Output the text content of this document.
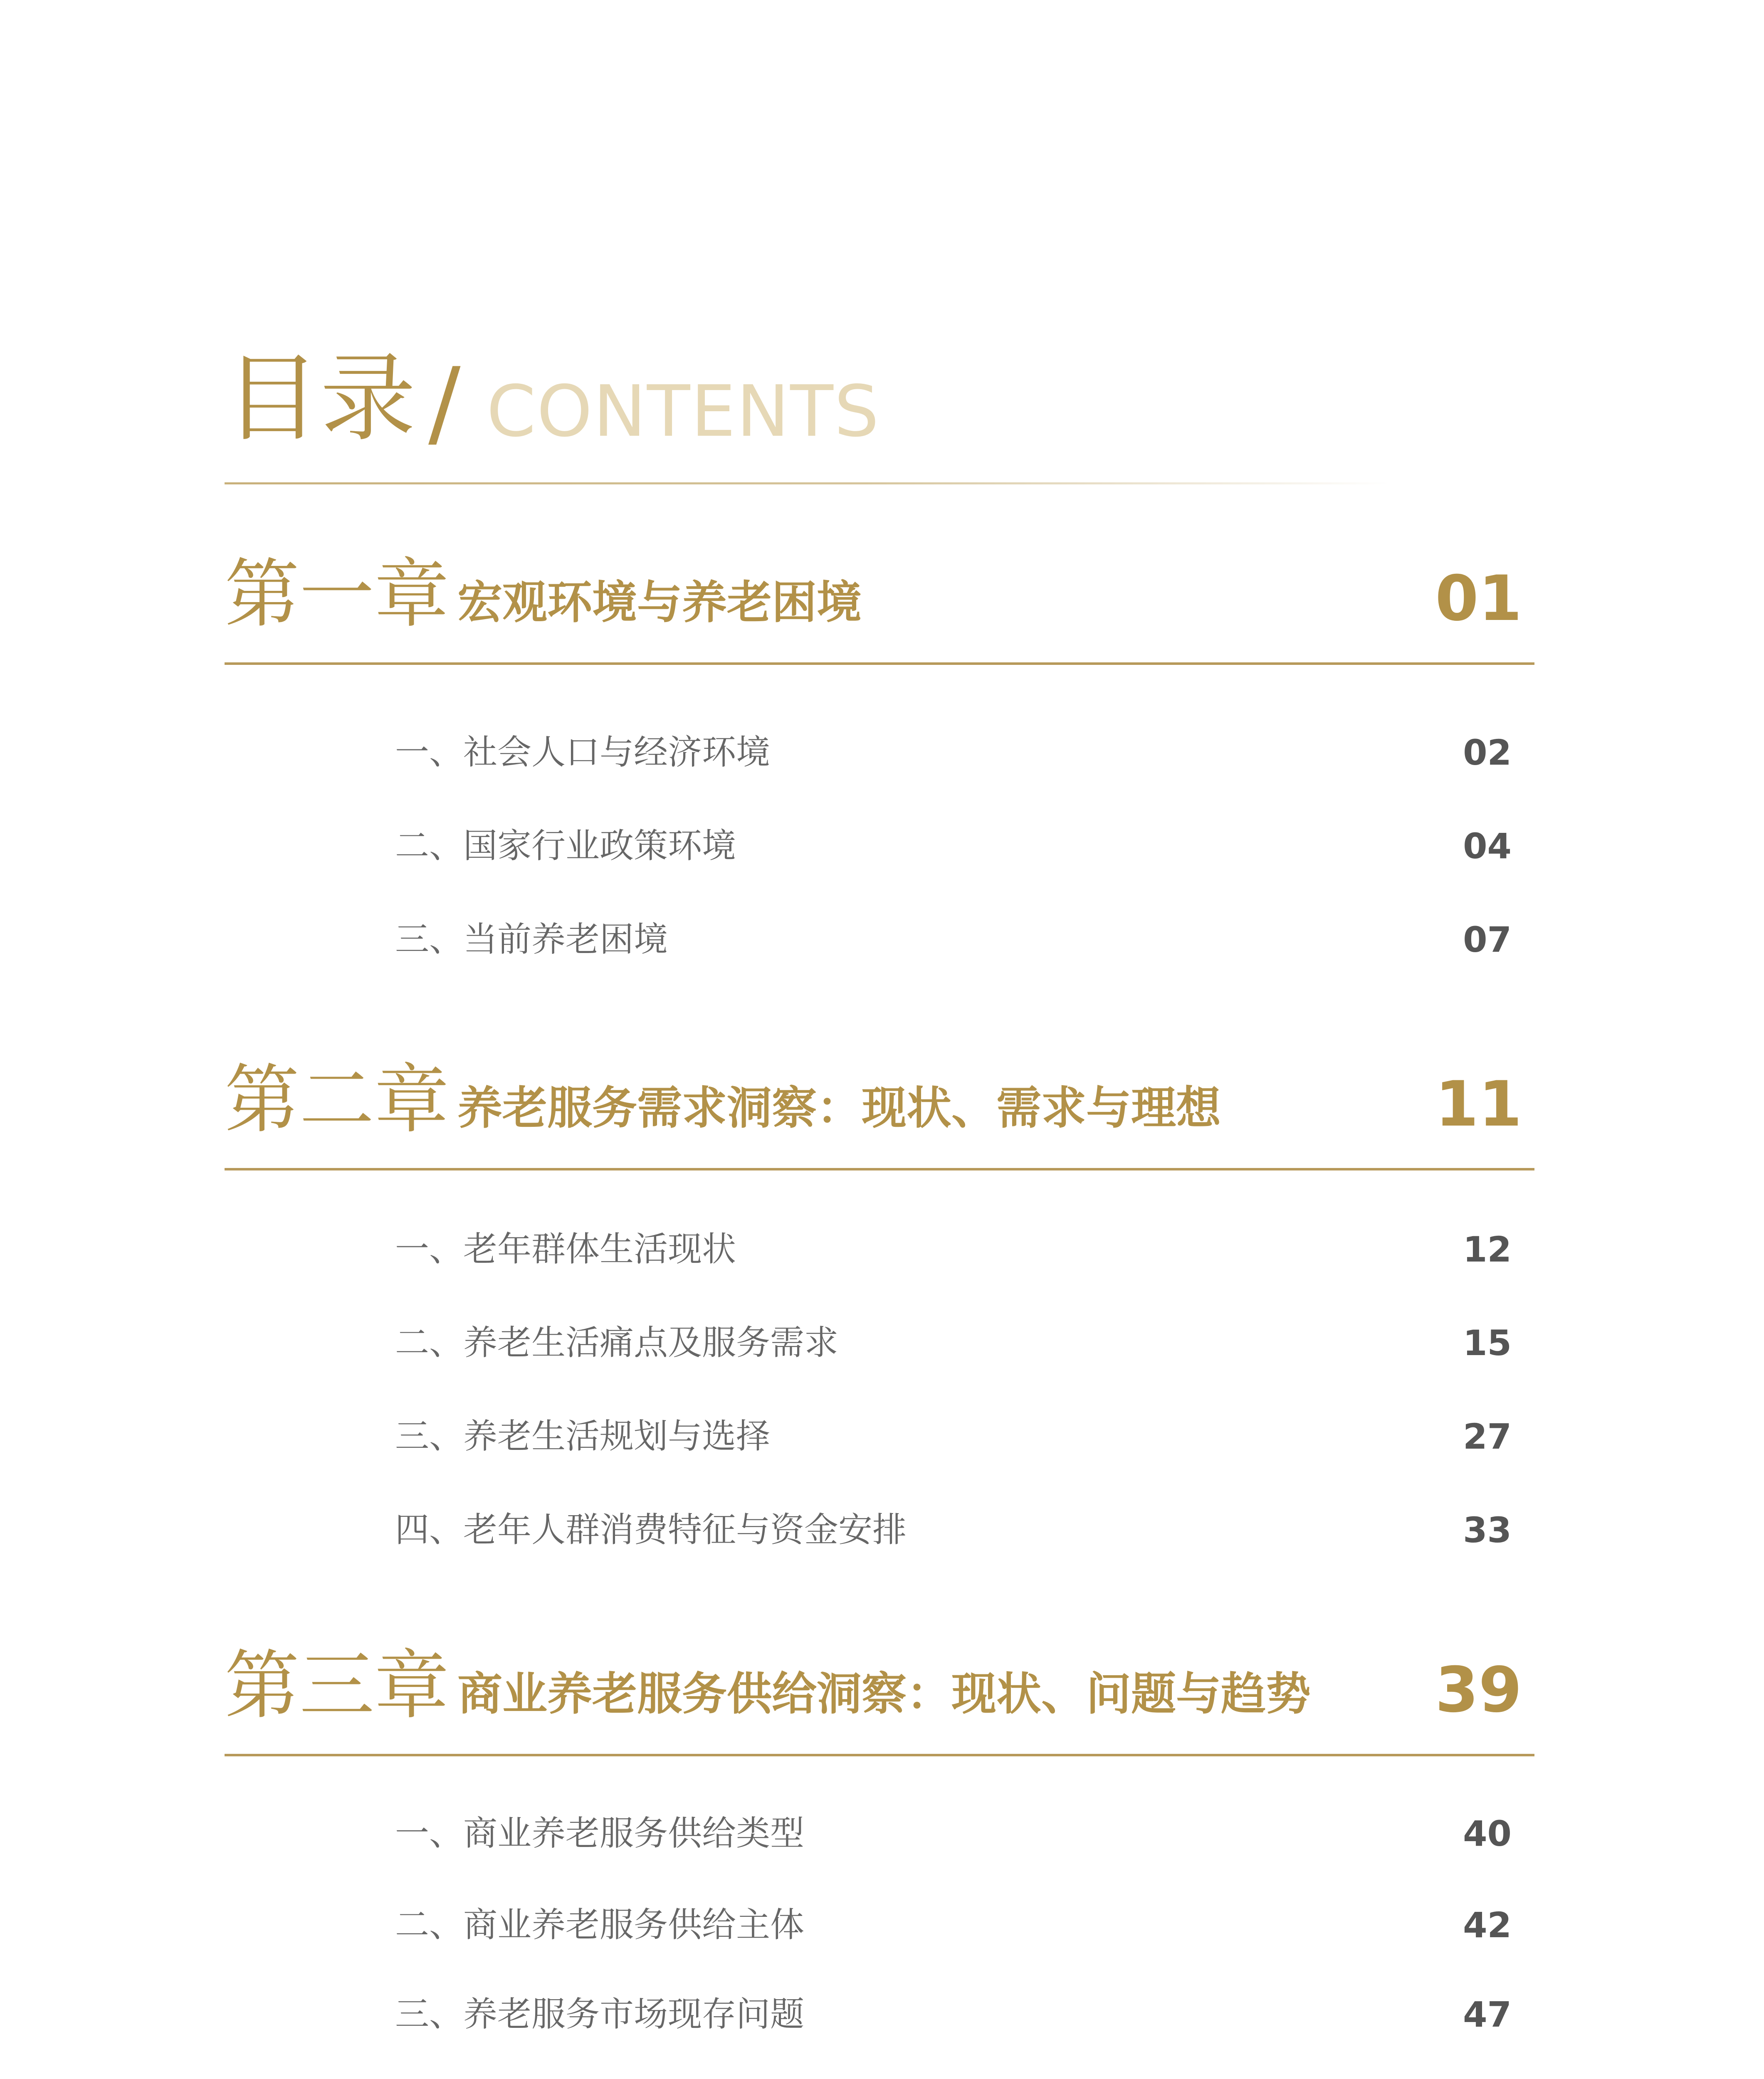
目录 / CONTENTS
第一章 宏观环境与养老困境	01
一、社会人口与经济环境	02
二、国家行业政策环境	04
三、当前养老困境	07
第二章 养老服务需求洞察：现状、需求与理想	11
一、老年群体生活现状	12
二、养老生活痛点及服务需求	15
三、养老生活规划与选择	27
四、老年人群消费特征与资金安排	33
第三章 商业养老服务供给洞察：现状、问题与趋势 39
一、商业养老服务供给类型	40
二、商业养老服务供给主体	42
三、养老服务市场现存问题	47
